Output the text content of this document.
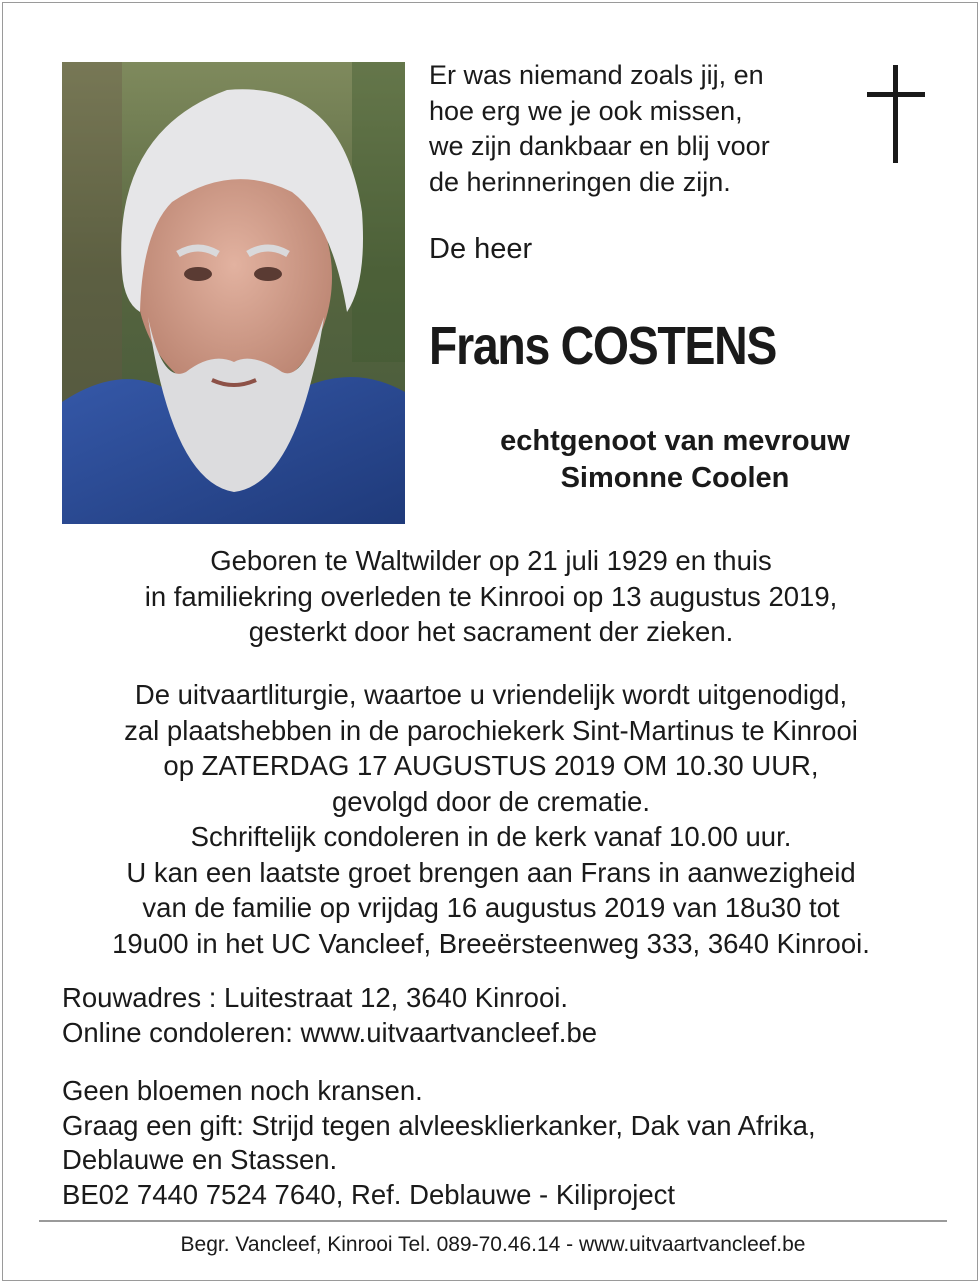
Er was niemand zoals jij, en
hoe erg we je ook missen,
we zijn dankbaar en blij voor
de herinneringen die zijn.
De heer
Frans COSTENS
echtgenoot van mevrouw
Simonne Coolen
Geboren te Waltwilder op 21 juli 1929 en thuis
in familiekring overleden te Kinrooi op 13 augustus 2019,
gesterkt door het sacrament der zieken.
De uitvaartliturgie, waartoe u vriendelijk wordt uitgenodigd,
zal plaatshebben in de parochiekerk Sint-Martinus te Kinrooi
op ZATERDAG 17 AUGUSTUS 2019 OM 10.30 UUR,
gevolgd door de crematie.
Schriftelijk condoleren in de kerk vanaf 10.00 uur.
U kan een laatste groet brengen aan Frans in aanwezigheid
van de familie op vrijdag 16 augustus 2019 van 18u30 tot
19u00 in het UC Vancleef, Breeërsteenweg 333, 3640 Kinrooi.
Rouwadres : Luitestraat 12, 3640 Kinrooi.
Online condoleren: www.uitvaartvancleef.be
Geen bloemen noch kransen.
Graag een gift: Strijd tegen alvleesklierkanker, Dak van Afrika,
Deblauwe en Stassen.
BE02 7440 7524 7640, Ref. Deblauwe - Kiliproject
Begr. Vancleef, Kinrooi Tel. 089-70.46.14 - www.uitvaartvancleef.be
